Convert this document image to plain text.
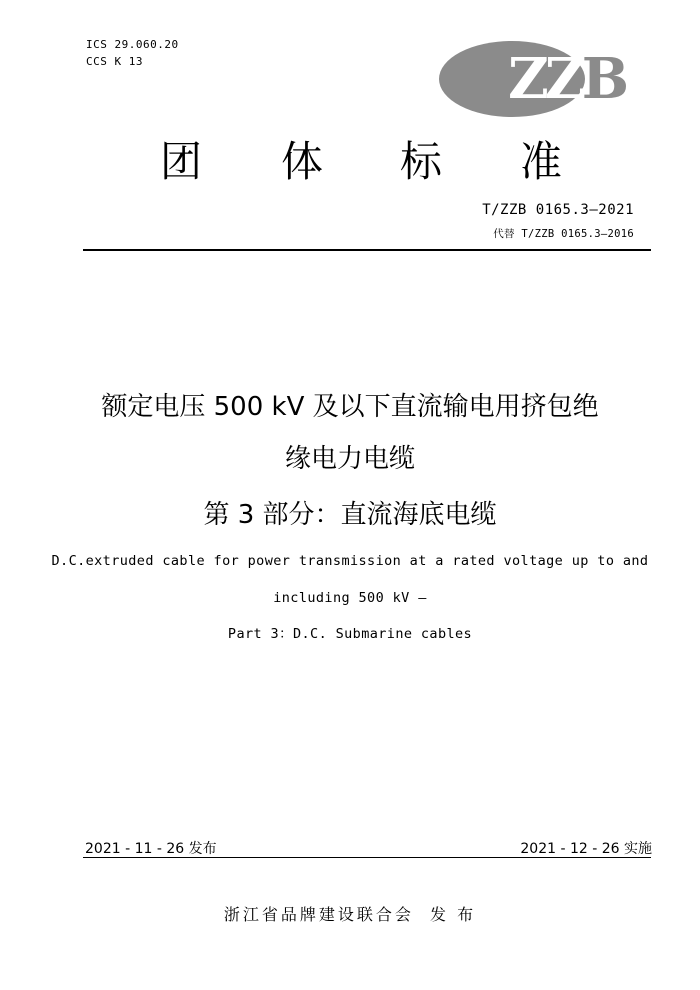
ICS 29.060.20
CCS K 13	ZZB
团 体 标 准
T/ZZB 0165.3—2021
代替 T/ZZB 0165.3—2016
额定电压 500 kV 及以下直流输电用挤包绝
缘电力电缆
第 3 部分：直流海底电缆
D.C.extruded cable for power transmission at a rated voltage up to and
including 500 kV —
Part 3：D.C. Submarine cables
2021 - 11 - 26 发布	2021 - 12 - 26 实施
浙江省品牌建设联合会  发 布
